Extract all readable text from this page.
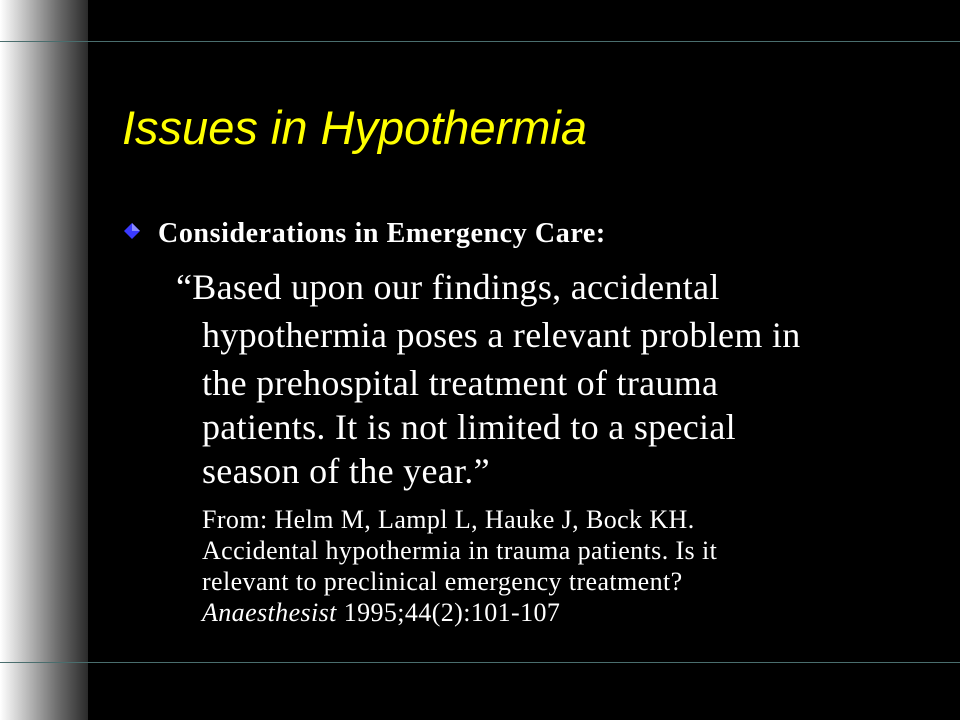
Issues in Hypothermia
Considerations in Emergency Care:
“Based upon our findings, accidental
hypothermia poses a relevant problem in
the prehospital treatment of trauma
patients. It is not limited to a special
season of the year.”
From: Helm M, Lampl L, Hauke J, Bock KH.
Accidental hypothermia in trauma patients. Is it
relevant to preclinical emergency treatment?
Anaesthesist 1995;44(2):101-107
